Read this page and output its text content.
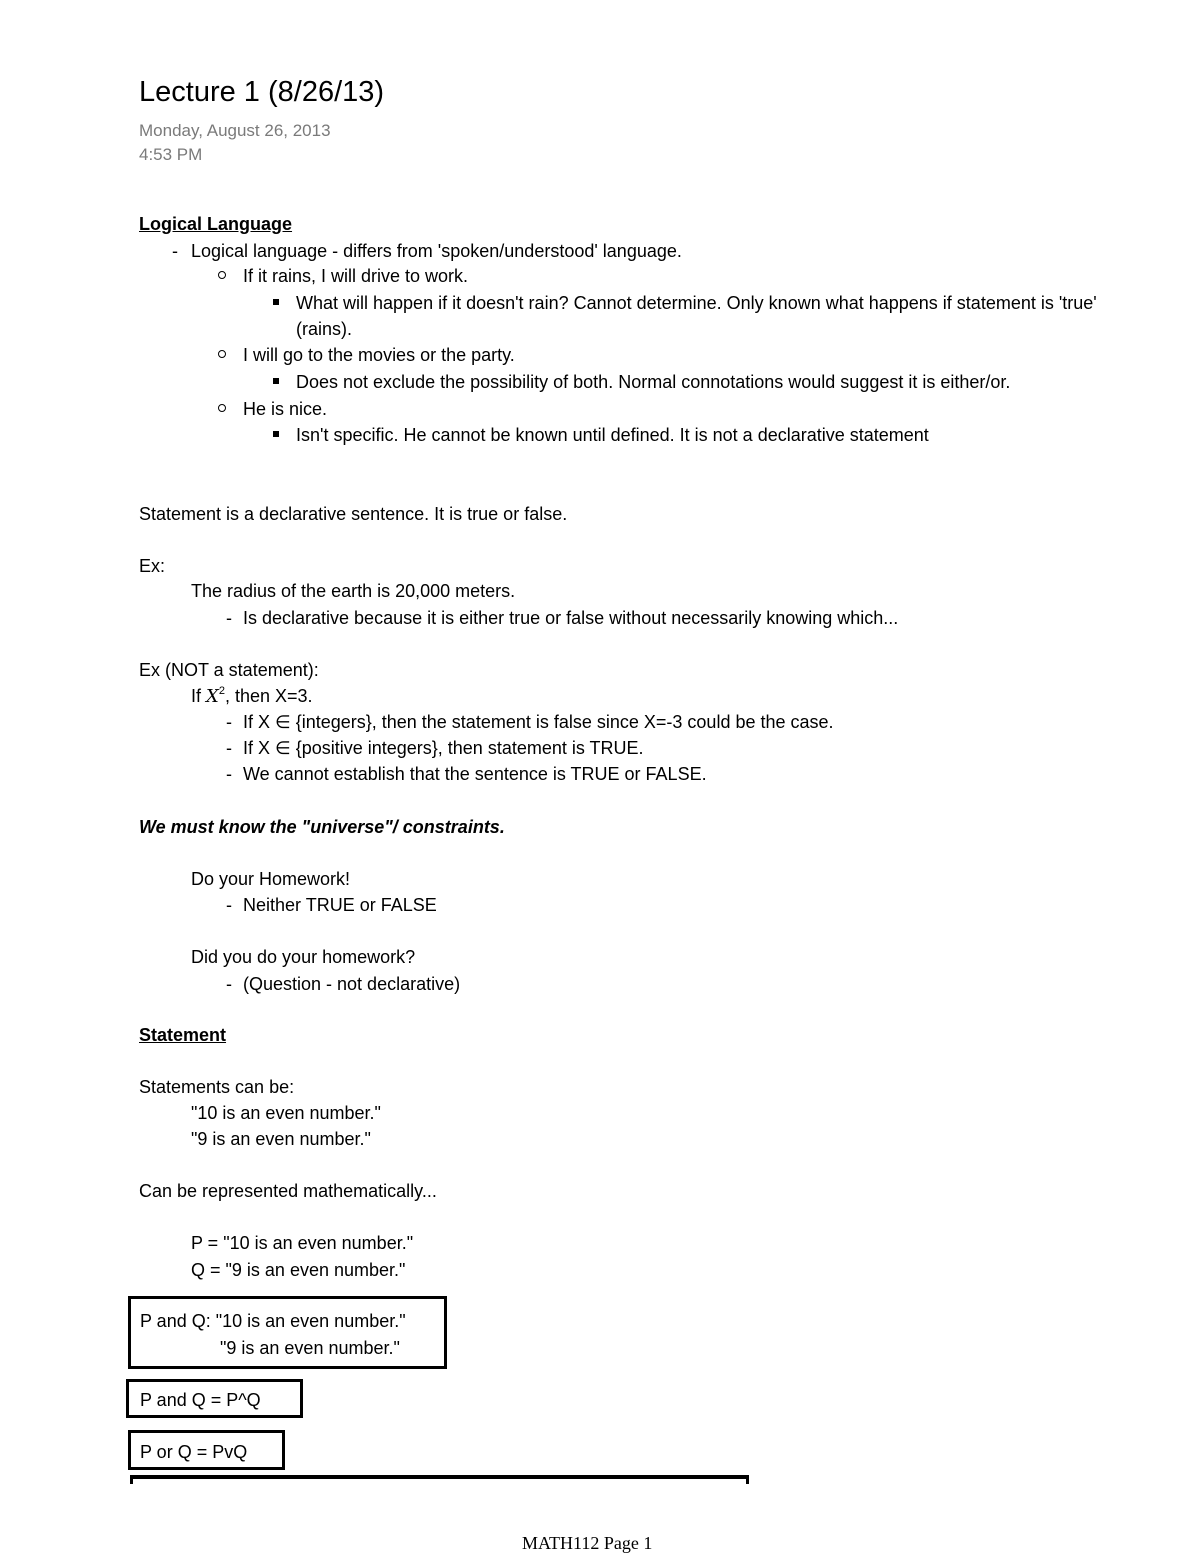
Lecture 1 (8/26/13)
Monday, August 26, 2013
4:53 PM
Logical Language
- Logical language - differs from 'spoken/understood' language.
If it rains, I will drive to work.
What will happen if it doesn't rain? Cannot determine. Only known what happens if statement is 'true'
(rains).
I will go to the movies or the party.
Does not exclude the possibility of both. Normal connotations would suggest it is either/or.
He is nice.
Isn't specific. He cannot be known until defined. It is not a declarative statement
Statement is a declarative sentence. It is true or false.
Ex:
The radius of the earth is 20,000 meters.
- Is declarative because it is either true or false without necessarily knowing which...
Ex (NOT a statement):
If $X^2$, then X=3.
- If X ∈ {integers}, then the statement is false since X=-3 could be the case.
- If X ∈ {positive integers}, then statement is TRUE.
- We cannot establish that the sentence is TRUE or FALSE.
We must know the "universe"/ constraints.
Do your Homework!
- Neither TRUE or FALSE
Did you do your homework?
- (Question - not declarative)
Statement
Statements can be:
"10 is an even number."
"9 is an even number."
Can be represented mathematically...
P = "10 is an even number."
Q = "9 is an even number."
P and Q: "10 is an even number."
"9 is an even number."
P and Q = P^Q
P or Q = PvQ
MATH112 Page 1
